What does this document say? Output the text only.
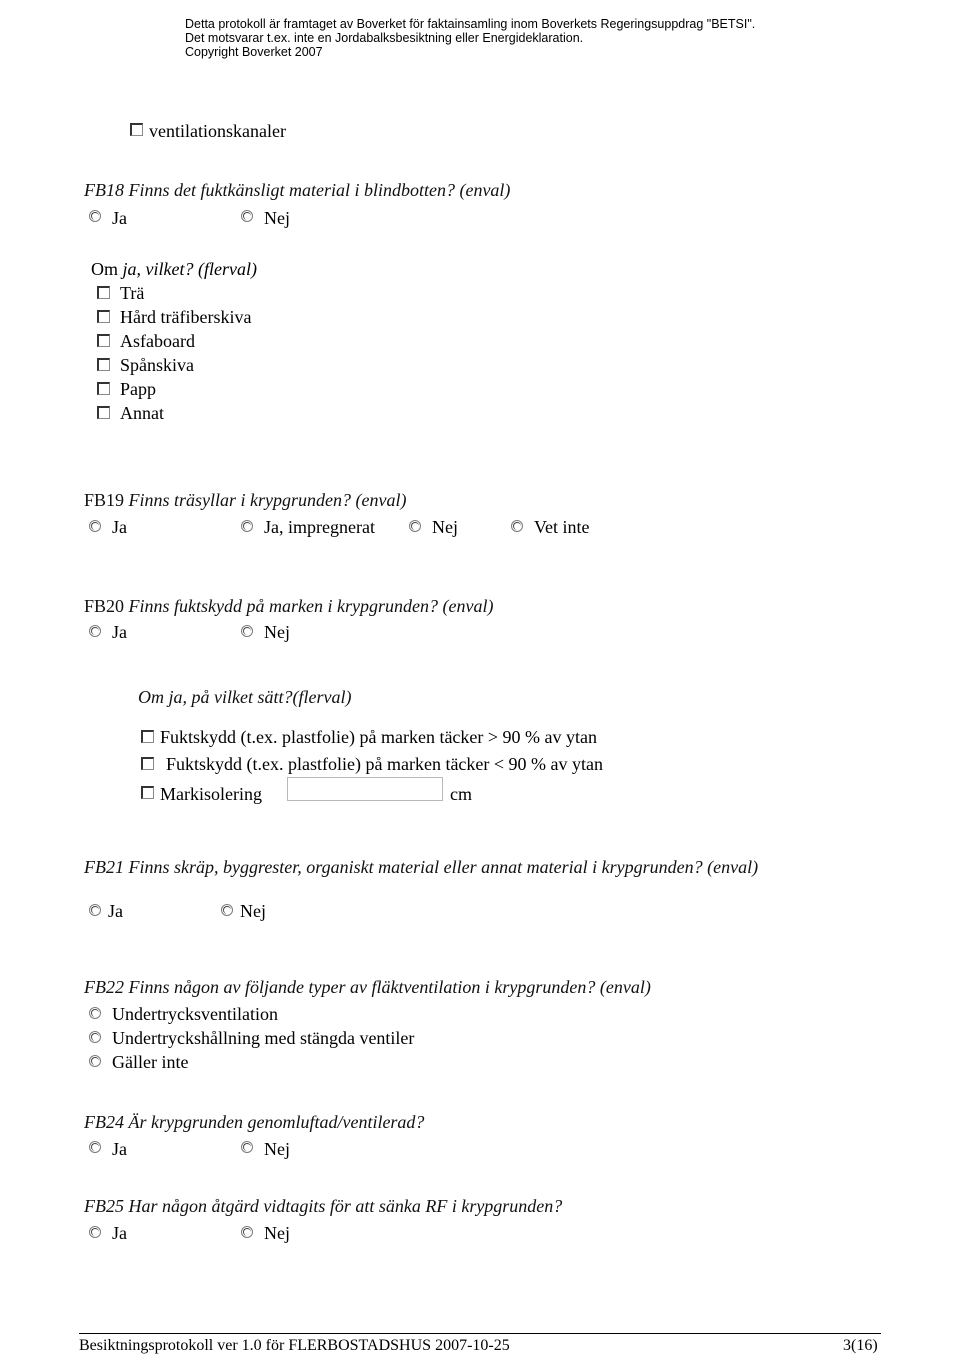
Detta protokoll är framtaget av Boverket för faktainsamling inom Boverkets Regeringsuppdrag "BETSI".
Det motsvarar t.ex. inte en Jordabalksbesiktning eller Energideklaration.
Copyright Boverket 2007
ventilationskanaler
FB18 Finns det fuktkänsligt material i blindbotten? (enval)
Ja	Nej
Om ja, vilket? (flerval)
Trä
Hård träfiberskiva
Asfaboard
Spånskiva
Papp
Annat
FB19 Finns träsyllar i krypgrunden? (enval)
Ja	Ja, impregnerat	Nej	Vet inte
FB20 Finns fuktskydd på marken i krypgrunden? (enval)
Ja	Nej
Om ja, på vilket sätt?(flerval)
Fuktskydd (t.ex. plastfolie) på marken täcker > 90 % av ytan
Fuktskydd (t.ex. plastfolie) på marken täcker < 90 % av ytan
Markisolering	cm
FB21 Finns skräp, byggrester, organiskt material eller annat material i krypgrunden? (enval)
Ja	Nej
FB22 Finns någon av följande typer av fläktventilation i krypgrunden? (enval)
Undertrycksventilation
Undertryckshållning med stängda ventiler
Gäller inte
FB24 Är krypgrunden genomluftad/ventilerad?
Ja	Nej
FB25 Har någon åtgärd vidtagits för att sänka RF i krypgrunden?
Ja	Nej
Besiktningsprotokoll ver 1.0 för FLERBOSTADSHUS 2007-10-25	3(16)
